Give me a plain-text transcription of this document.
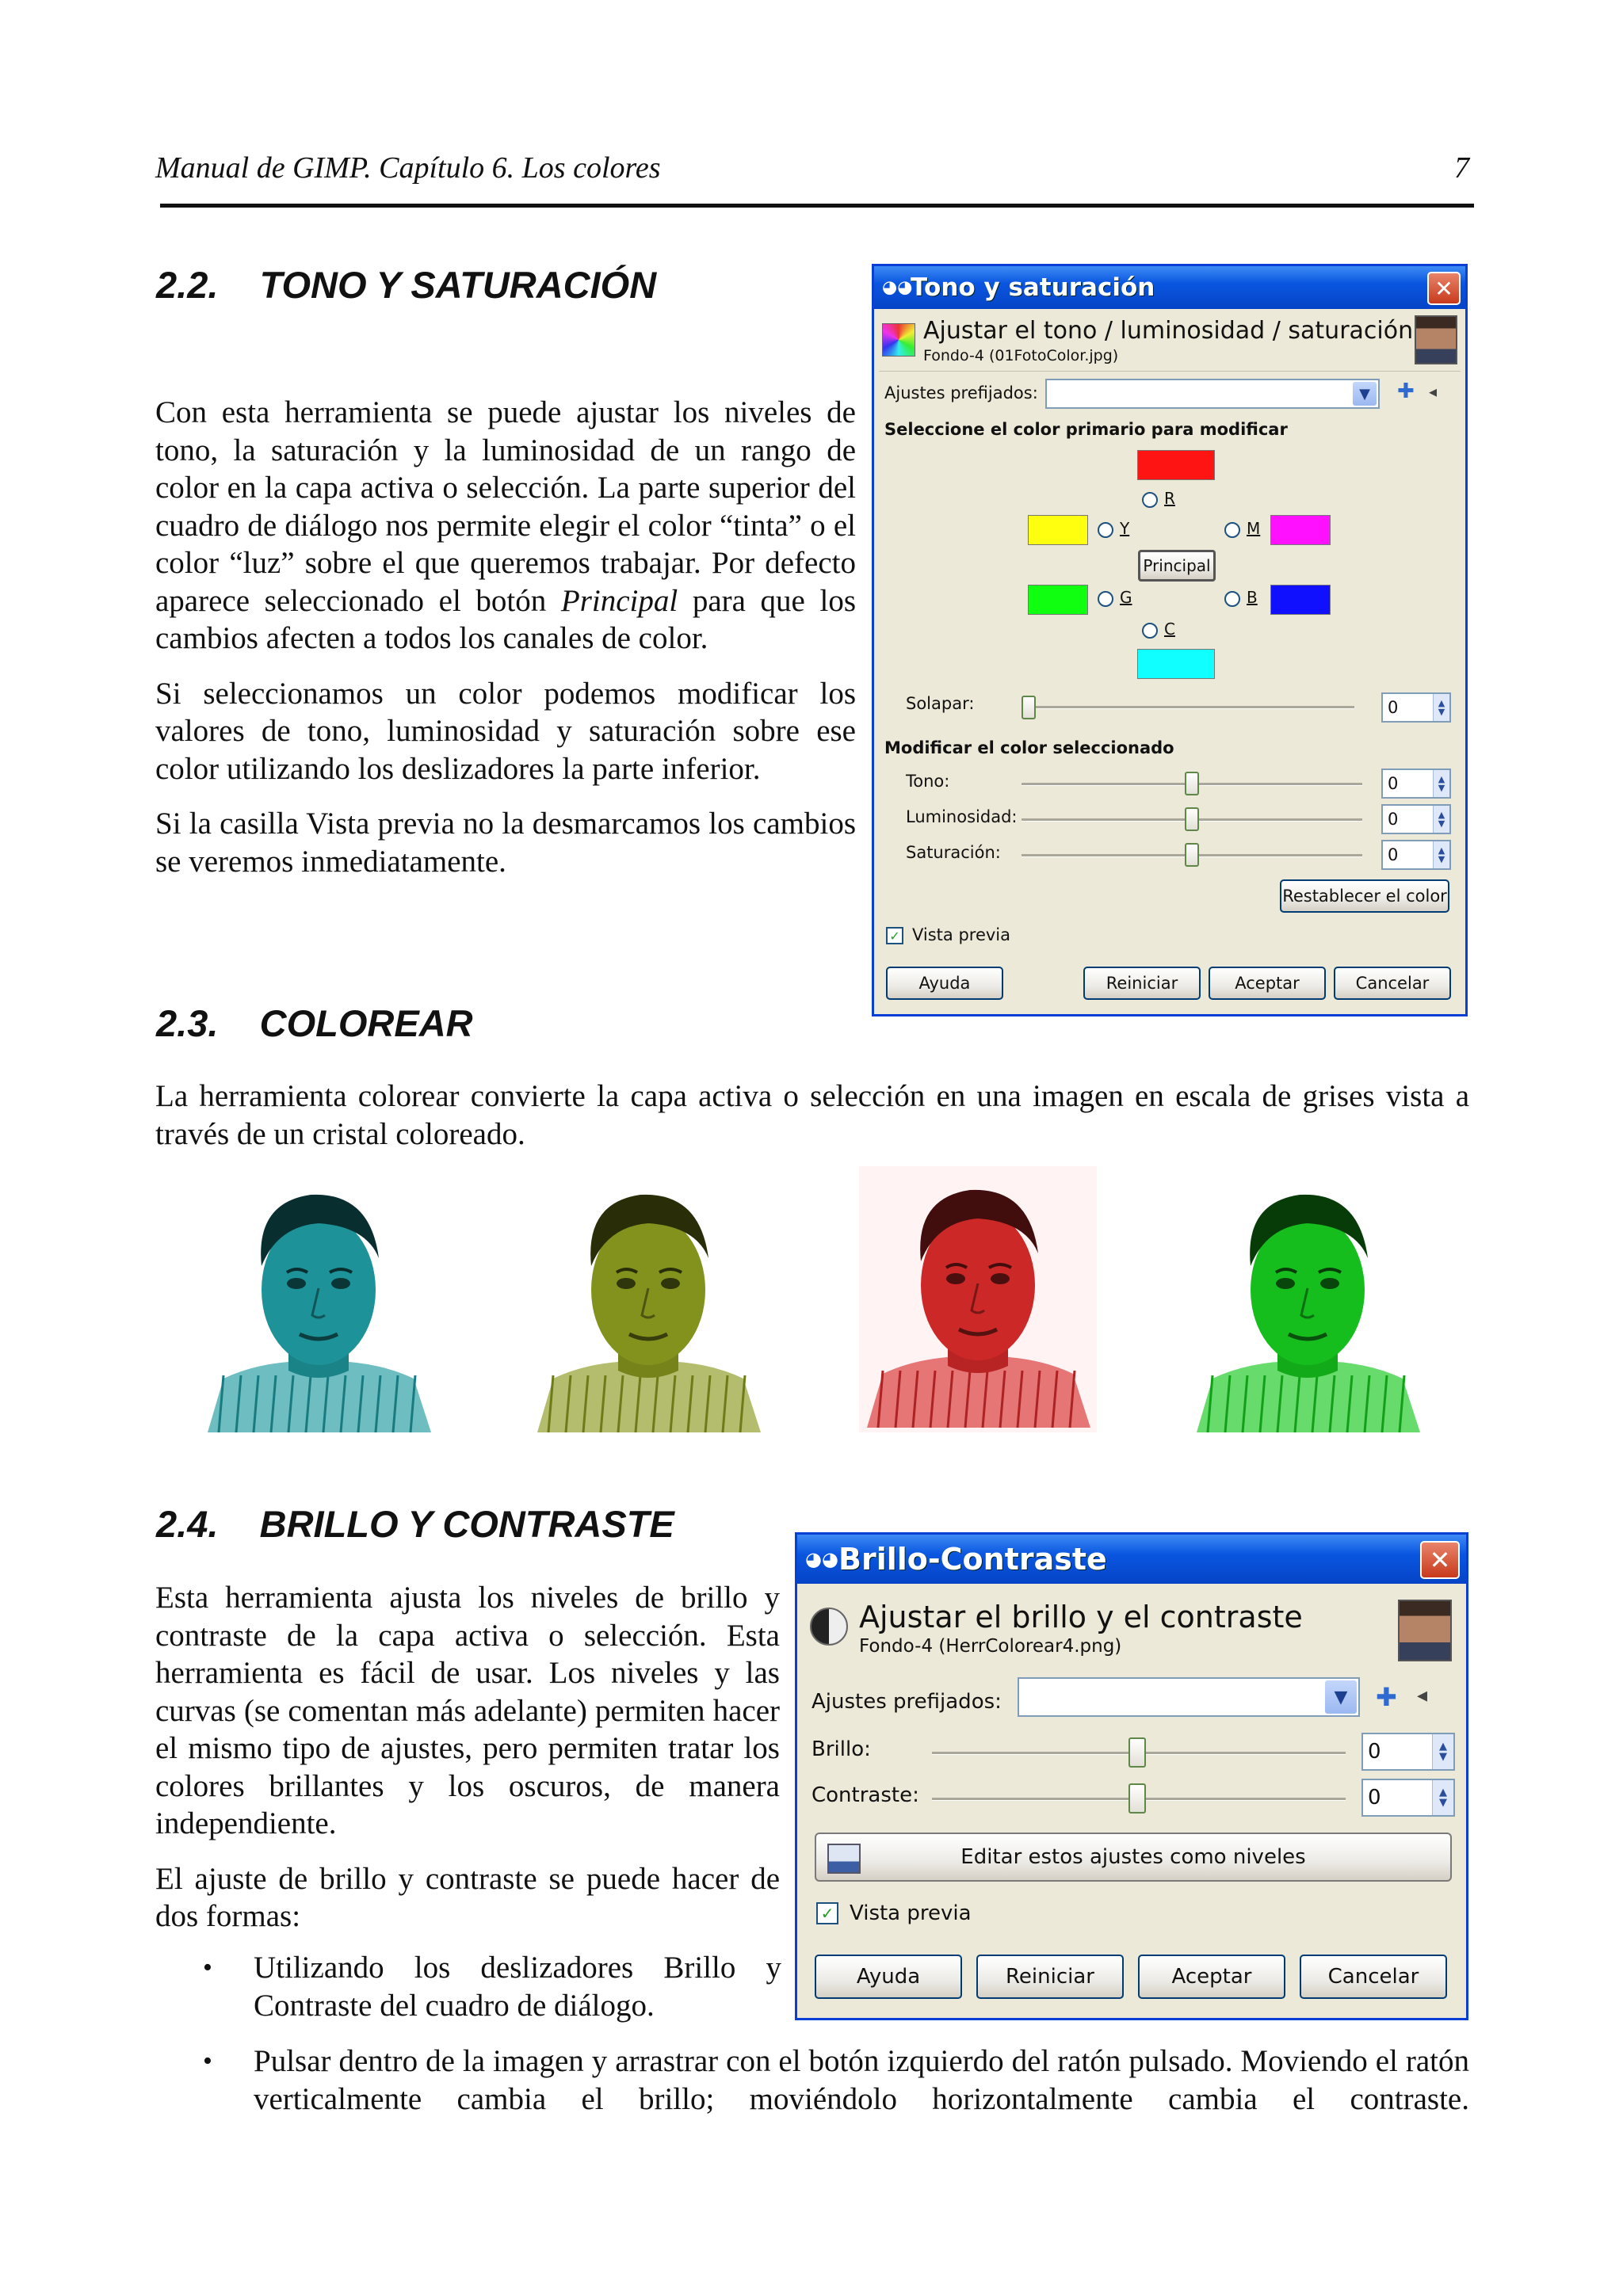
Manual de GIMP. Capítulo 6. Los colores	7
2.2. TONO Y SATURACIÓN

Con esta herramienta se puede ajustar los niveles de tono, la saturación y la luminosidad de un rango de color en la capa activa o selección. La parte superior del cuadro de diálogo nos permite elegir el color “tinta” o el color “luz” sobre el que queremos trabajar. Por defecto aparece seleccionado el botón Principal para que los cambios afecten a todos los canales de color.

Si seleccionamos un color podemos modificar los valores de tono, luminosidad y saturación sobre ese color utilizando los deslizadores la parte inferior.

Si la casilla Vista previa no la desmarcamos los cambios se veremos inmediatamente.

◕◕
Tono y saturación	✕
Ajustar el tono / luminosidad / saturación
Fondo-4 (01FotoColor.jpg)
Ajustes prefijados:	▼	✚ ◂
Seleccione el color primario para modificar
R
Y	M
Principal
G	B
C
Solapar:	0	▲
▼
Modificar el color seleccionado
Tono:	0	▲
▼
Luminosidad:	0	▲
▼
Saturación:	0	▲
▼
Restablecer el color
✓ Vista previa
Ayuda	Reiniciar	Aceptar	Cancelar
2.3. COLOREAR
La herramienta colorear convierte la capa activa o selección en una imagen en escala de grises vista a través de un cristal coloreado.
2.4. BRILLO Y CONTRASTE

Esta herramienta ajusta los niveles de brillo y contraste de la capa activa o selección. Esta herramienta es fácil de usar. Los niveles y las curvas (se comentan más adelante) permiten hacer el mismo tipo de ajustes, pero permiten tratar los colores brillantes y los oscuros, de manera independiente.

El ajuste de brillo y contraste se puede hacer de dos formas:

• Utilizando los deslizadores Brillo y Contraste del cuadro de diálogo.
• Pulsar dentro de la imagen y arrastrar con el botón izquierdo del ratón pulsado. Moviendo el ratón verticalmente cambia el brillo; moviéndolo horizontalmente cambia el contraste.
◕◕ Brillo-Contraste	✕
Ajustar el brillo y el contraste
Fondo-4 (HerrColorear4.png)
Ajustes prefijados:	▼	✚ ◂
Brillo:	0	▲
▼
Contraste:	0	▲
▼
Editar estos ajustes como niveles
✓ Vista previa
Ayuda	Reiniciar	Aceptar	Cancelar
